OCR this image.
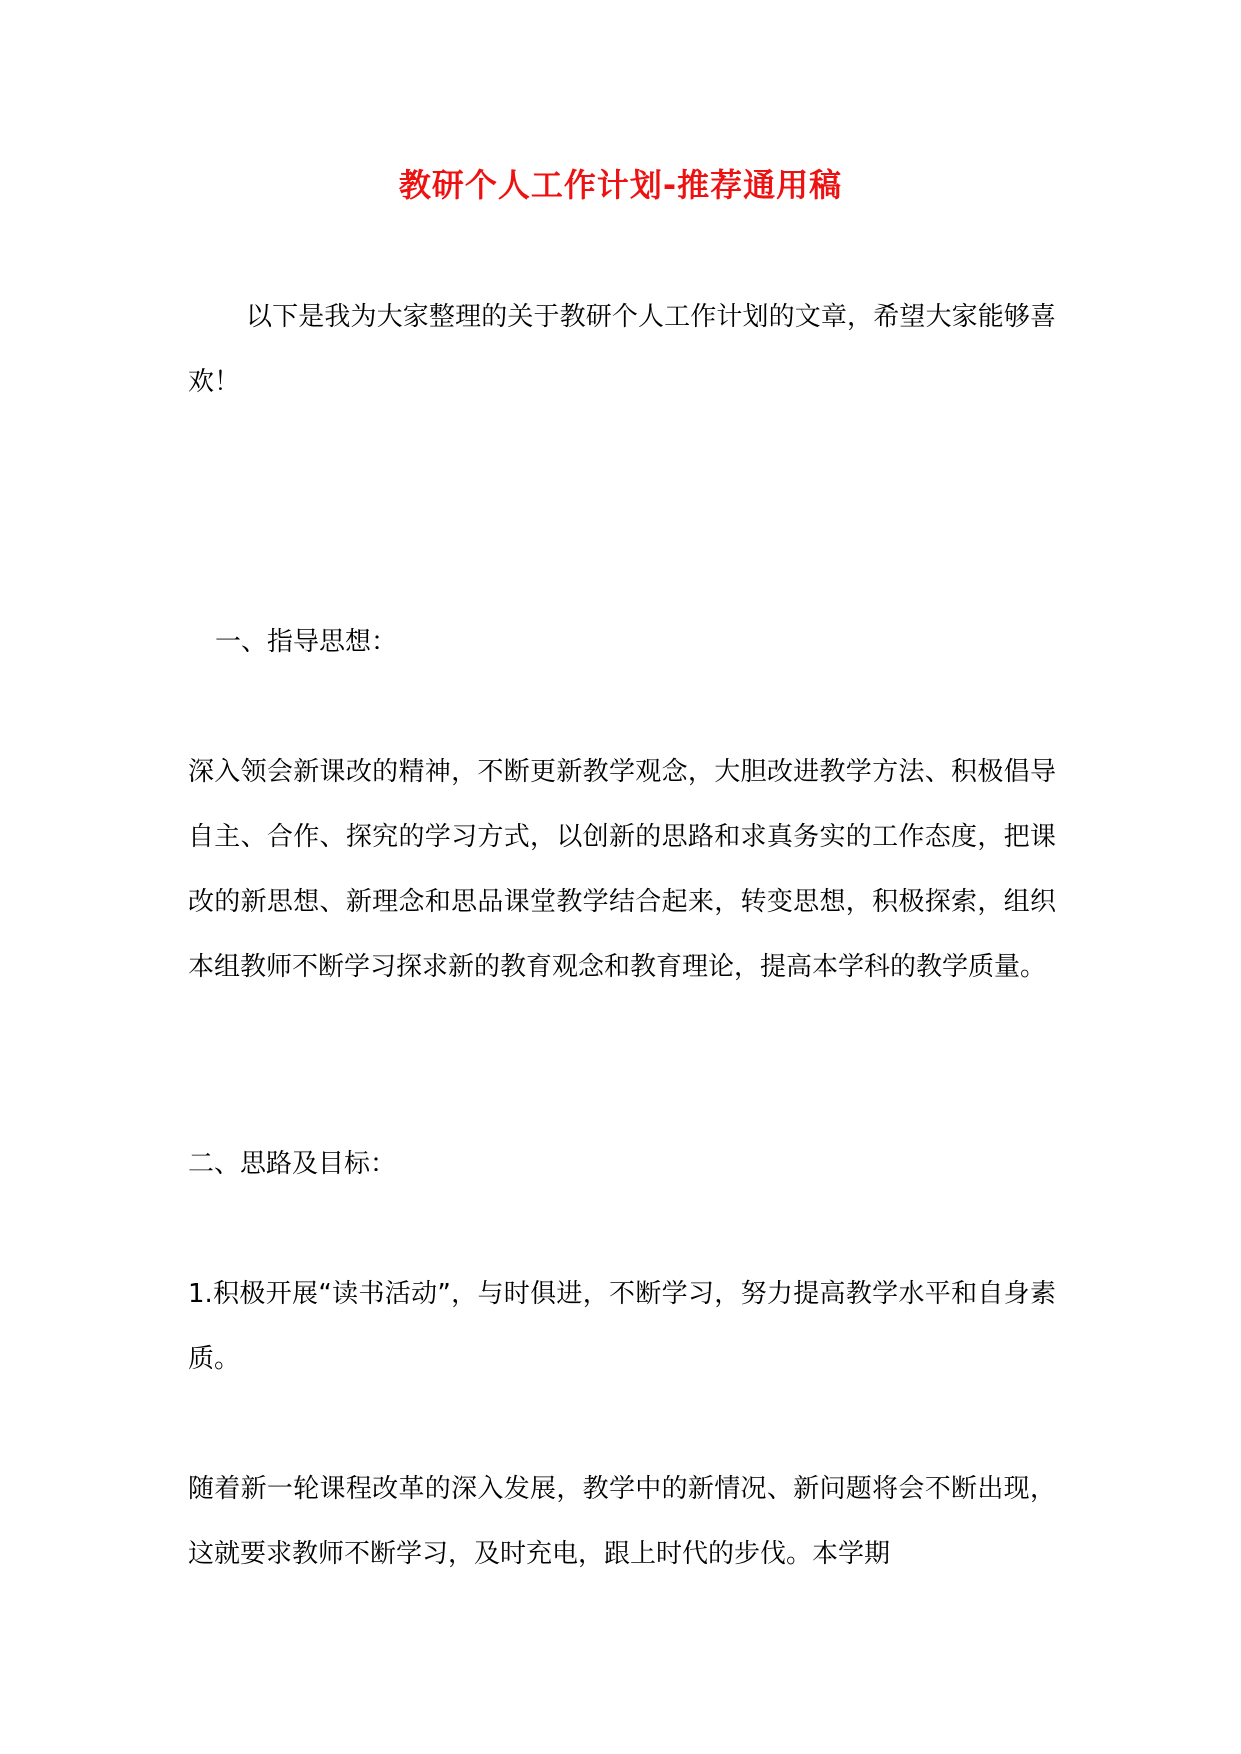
教研个人工作计划-推荐通用稿

以下是我为大家整理的关于教研个人工作计划的文章，希望大家能够喜欢！

一、指导思想：

深入领会新课改的精神，不断更新教学观念，大胆改进教学方法、积极倡导自主、合作、探究的学习方式，以创新的思路和求真务实的工作态度，把课改的新思想、新理念和思品课堂教学结合起来，转变思想，积极探索，组织本组教师不断学习探求新的教育观念和教育理论，提高本学科的教学质量。

二、思路及目标：

1.积极开展“读书活动”，与时俱进，不断学习，努力提高教学水平和自身素质。

随着新一轮课程改革的深入发展，教学中的新情况、新问题将会不断出现，这就要求教师不断学习，及时充电，跟上时代的步伐。本学期
